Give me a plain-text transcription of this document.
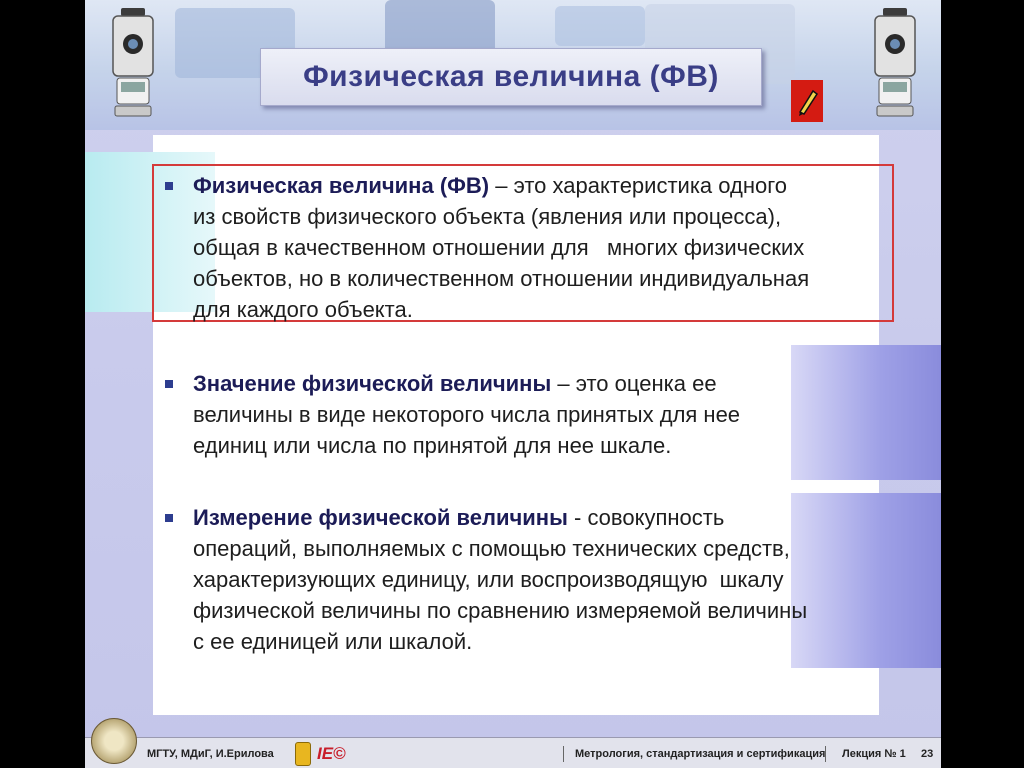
Физическая величина (ФВ)
Физическая величина (ФВ) – это характеристика одного
из свойств физического объекта (явления или процесса),
общая в качественном отношении для   многих физических
объектов, но в количественном отношении индивидуальная
для каждого объекта.
Значение физической величины – это оценка ее
величины в виде некоторого числа принятых для нее
единиц или числа по принятой для нее шкале.
Измерение физической величины - совокупность
операций, выполняемых с помощью технических средств,
характеризующих единицу, или воспроизводящую  шкалу
физической величины по сравнению измеряемой величины
с ее единицей или шкалой.
МГТУ, МДиГ, И.Ерилова	IE©	Метрология, стандартизация и сертификация Лекция № 1 23
